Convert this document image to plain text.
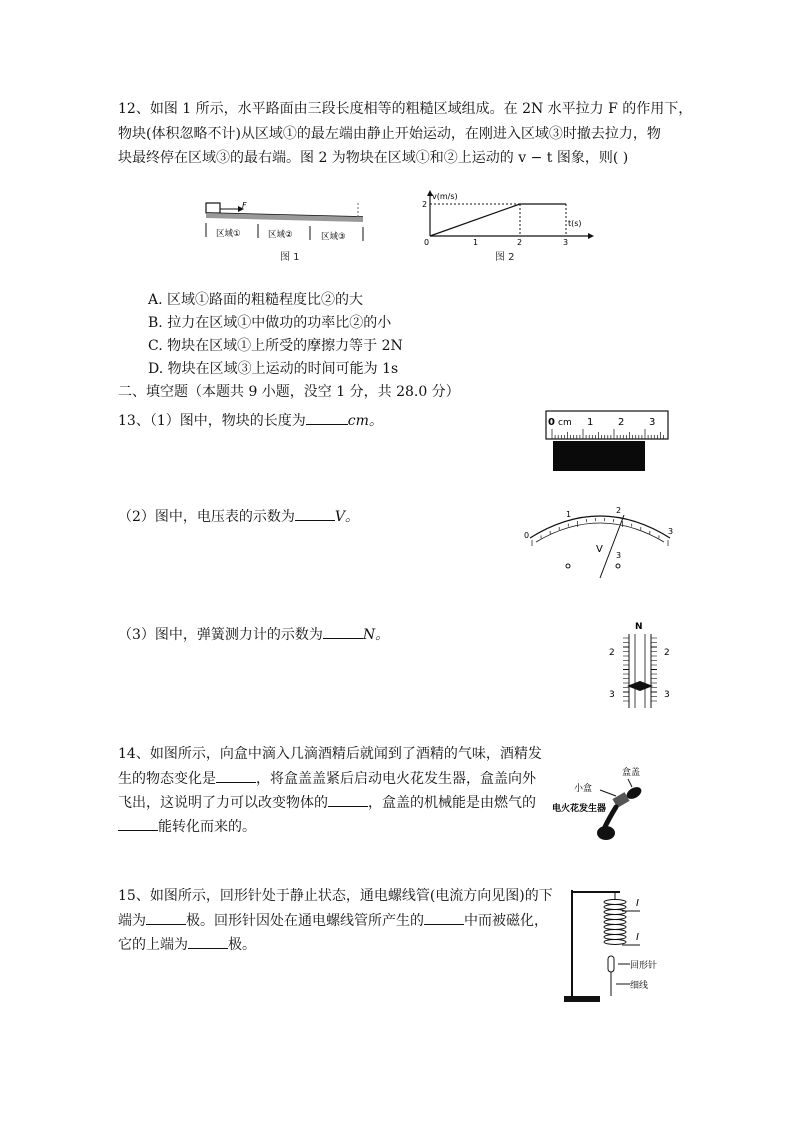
12、如图 1 所示，水平路面由三段长度相等的粗糙区域组成。在 2N 水平拉力 F 的作用下，
物块(体积忽略不计)从区域①的最左端由静止开始运动，在刚进入区域③时撤去拉力，物
块最终停在区域③的最右端。图 2 为物块在区域①和②上运动的 v − t 图象，则( )
F
区域①	区域②	区域③
图 1
v(m/s)
t(s)
2
0	1	2	3
图 2
A. 区域①路面的粗糙程度比②的大
B. 拉力在区域①中做功的功率比②的小
C. 物块在区域①上所受的摩擦力等于 2N
D. 物块在区域③上运动的时间可能为 1s
二、填空题（本题共 9 小题，没空 1 分，共 28.0 分）
13、（1）图中，物块的长度为	cm。	0 cm 1 2 3
（2）图中，电压表的示数为	V。
0
1	2
3
V
3
（3）图中，弹簧测力计的示数为	N。	N
2
3
2
3
14、如图所示，向盒中滴入几滴酒精后就闻到了酒精的气味，酒精发
生的物态变化是	，将盒盖盖紧后启动电火花发生器，盒盖向外
飞出，这说明了力可以改变物体的	，盒盖的机械能是由燃气的
能转化而来的。
盒盖
小盒
电火花发生器
15、如图所示，回形针处于静止状态，通电螺线管(电流方向见图)的下
端为	极。回形针因处在通电螺线管所产生的	中而被磁化，
它的上端为	极。
I
I
回形针
细线
